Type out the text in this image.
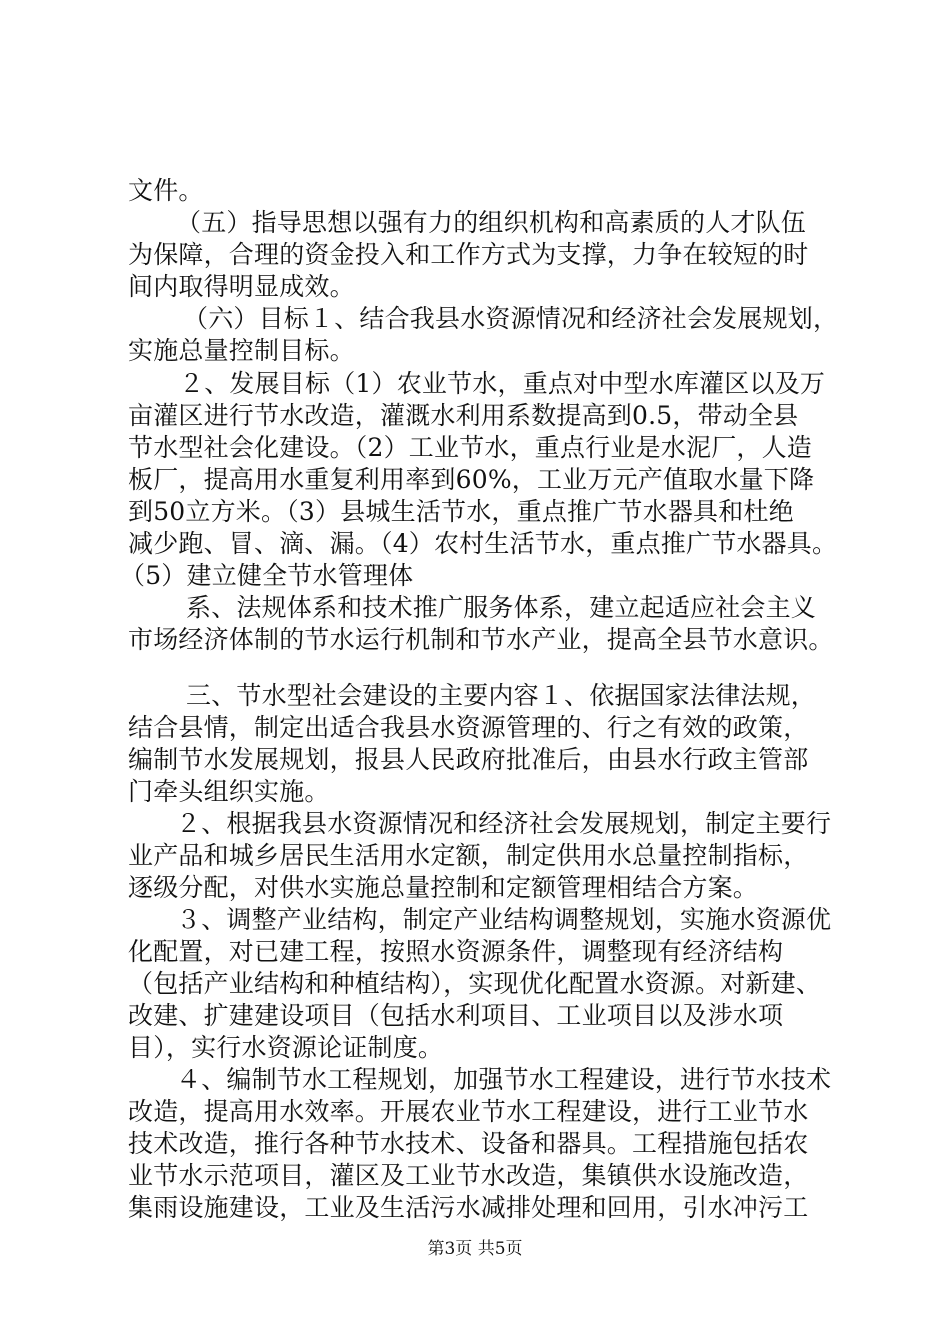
文件。
（五）指导思想以强有力的组织机构和高素质的人才队伍
为保障，合理的资金投入和工作方式为支撑，力争在较短的时
间内取得明显成效。
（六）目标１、结合我县水资源情况和经济社会发展规划，
实施总量控制目标。
２、发展目标（1）农业节水，重点对中型水库灌区以及万
亩灌区进行节水改造，灌溉水利用系数提高到0.5，带动全县
节水型社会化建设。（2）工业节水，重点行业是水泥厂，人造
板厂，提高用水重复利用率到60%，工业万元产值取水量下降
到50立方米。（3）县城生活节水，重点推广节水器具和杜绝
减少跑、冒、滴、漏。（4）农村生活节水，重点推广节水器具。
（5）建立健全节水管理体
系、法规体系和技术推广服务体系，建立起适应社会主义
市场经济体制的节水运行机制和节水产业，提高全县节水意识。
三、节水型社会建设的主要内容１、依据国家法律法规，
结合县情，制定出适合我县水资源管理的、行之有效的政策，
编制节水发展规划，报县人民政府批准后，由县水行政主管部
门牵头组织实施。
２、根据我县水资源情况和经济社会发展规划，制定主要行
业产品和城乡居民生活用水定额，制定供用水总量控制指标，
逐级分配，对供水实施总量控制和定额管理相结合方案。
３、调整产业结构，制定产业结构调整规划，实施水资源优
化配置，对已建工程，按照水资源条件，调整现有经济结构
（包括产业结构和种植结构），实现优化配置水资源。对新建、
改建、扩建建设项目（包括水利项目、工业项目以及涉水项
目），实行水资源论证制度。
４、编制节水工程规划，加强节水工程建设，进行节水技术
改造，提高用水效率。开展农业节水工程建设，进行工业节水
技术改造，推行各种节水技术、设备和器具。工程措施包括农
业节水示范项目，灌区及工业节水改造，集镇供水设施改造，
集雨设施建设，工业及生活污水减排处理和回用，引水冲污工
第3页 共5页
